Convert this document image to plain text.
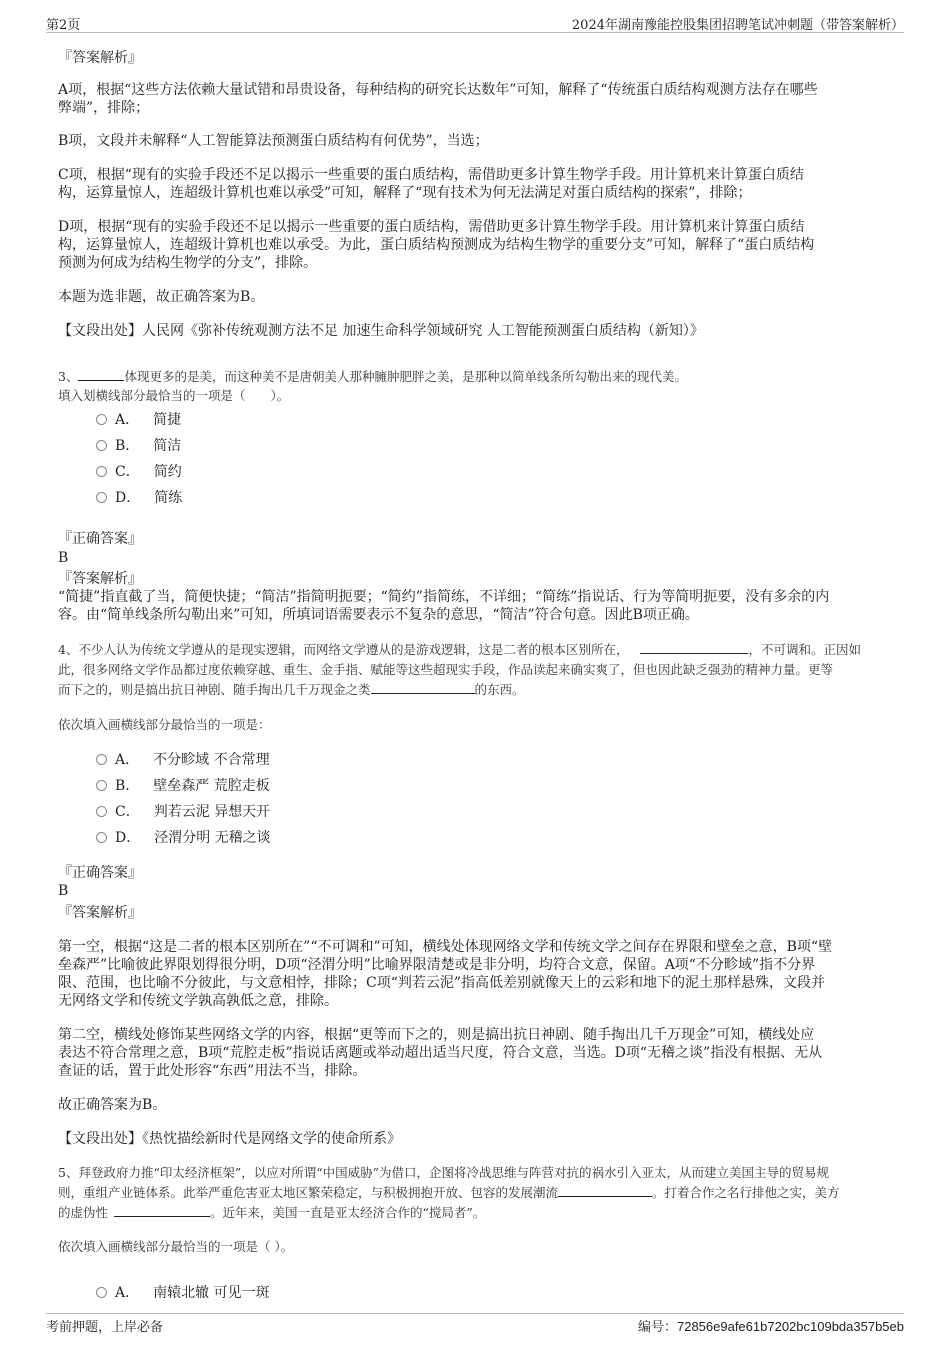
第2页	2024年湖南豫能控股集团招聘笔试冲刺题（带答案解析）
『答案解析』
A项，根据“这些方法依赖大量试错和昂贵设备，每种结构的研究长达数年”可知，解释了“传统蛋白质结构观测方法存在哪些
弊端”，排除；
B项，文段并未解释“人工智能算法预测蛋白质结构有何优势”，当选；
C项，根据“现有的实验手段还不足以揭示一些重要的蛋白质结构，需借助更多计算生物学手段。用计算机来计算蛋白质结
构，运算量惊人，连超级计算机也难以承受”可知，解释了“现有技术为何无法满足对蛋白质结构的探索”，排除；
D项，根据“现有的实验手段还不足以揭示一些重要的蛋白质结构，需借助更多计算生物学手段。用计算机来计算蛋白质结
构，运算量惊人，连超级计算机也难以承受。为此，蛋白质结构预测成为结构生物学的重要分支”可知，解释了“蛋白质结构
预测为何成为结构生物学的分支”，排除。
本题为选非题，故正确答案为B。
【文段出处】人民网《弥补传统观测方法不足 加速生命科学领域研究 人工智能预测蛋白质结构（新知）》
3、	体现更多的是美，而这种美不是唐朝美人那种臃肿肥胖之美，是那种以简单线条所勾勒出来的现代美。
填入划横线部分最恰当的一项是（　　）。
A． 简捷
B． 简洁
C． 简约
D． 简练
『正确答案』
B
『答案解析』
“简捷”指直截了当，简便快捷；“简洁”指简明扼要；“简约”指简练，不详细；“简练”指说话、行为等简明扼要，没有多余的内
容。由“简单线条所勾勒出来”可知，所填词语需要表示不复杂的意思，“简洁”符合句意。因此B项正确。
4、不少人认为传统文学遵从的是现实逻辑，而网络文学遵从的是游戏逻辑，这是二者的根本区别所在，	，不可调和。正因如
此，很多网络文学作品都过度依赖穿越、重生、金手指、赋能等这些超现实手段，作品读起来确实爽了，但也因此缺乏强劲的精神力量。更等
而下之的，则是搞出抗日神剧、随手掏出几千万现金之类	的东西。
依次填入画横线部分最恰当的一项是：
A． 不分畛域 不合常理
B． 壁垒森严 荒腔走板
C． 判若云泥 异想天开
D． 泾渭分明 无稽之谈
『正确答案』
B
『答案解析』
第一空，根据“这是二者的根本区别所在”“不可调和”可知，横线处体现网络文学和传统文学之间存在界限和壁垒之意，B项“壁
垒森严”比喻彼此界限划得很分明，D项“泾渭分明”比喻界限清楚或是非分明，均符合文意，保留。A项“不分畛域”指不分界
限、范围，也比喻不分彼此，与文意相悖，排除；C项“判若云泥”指高低差别就像天上的云彩和地下的泥土那样悬殊，文段并
无网络文学和传统文学孰高孰低之意，排除。
第二空，横线处修饰某些网络文学的内容，根据“更等而下之的，则是搞出抗日神剧、随手掏出几千万现金”可知，横线处应
表达不符合常理之意，B项“荒腔走板”指说话离题或举动超出适当尺度，符合文意，当选。D项“无稽之谈”指没有根据、无从
查证的话，置于此处形容“东西”用法不当，排除。
故正确答案为B。
【文段出处】《热忱描绘新时代是网络文学的使命所系》
5、拜登政府力推“印太经济框架”，以应对所谓“中国威胁”为借口，企图将冷战思维与阵营对抗的祸水引入亚太，从而建立美国主导的贸易规
则，重组产业链体系。此举严重危害亚太地区繁荣稳定，与积极拥抱开放、包容的发展潮流	。打着合作之名行排他之实，美方
的虚伪性	。近年来，美国一直是亚太经济合作的“搅局者”。
依次填入画横线部分最恰当的一项是（ ）。
A． 南辕北辙 可见一斑
考前押题，上岸必备	编号：72856e9afe61b7202bc109bda357b5eb
